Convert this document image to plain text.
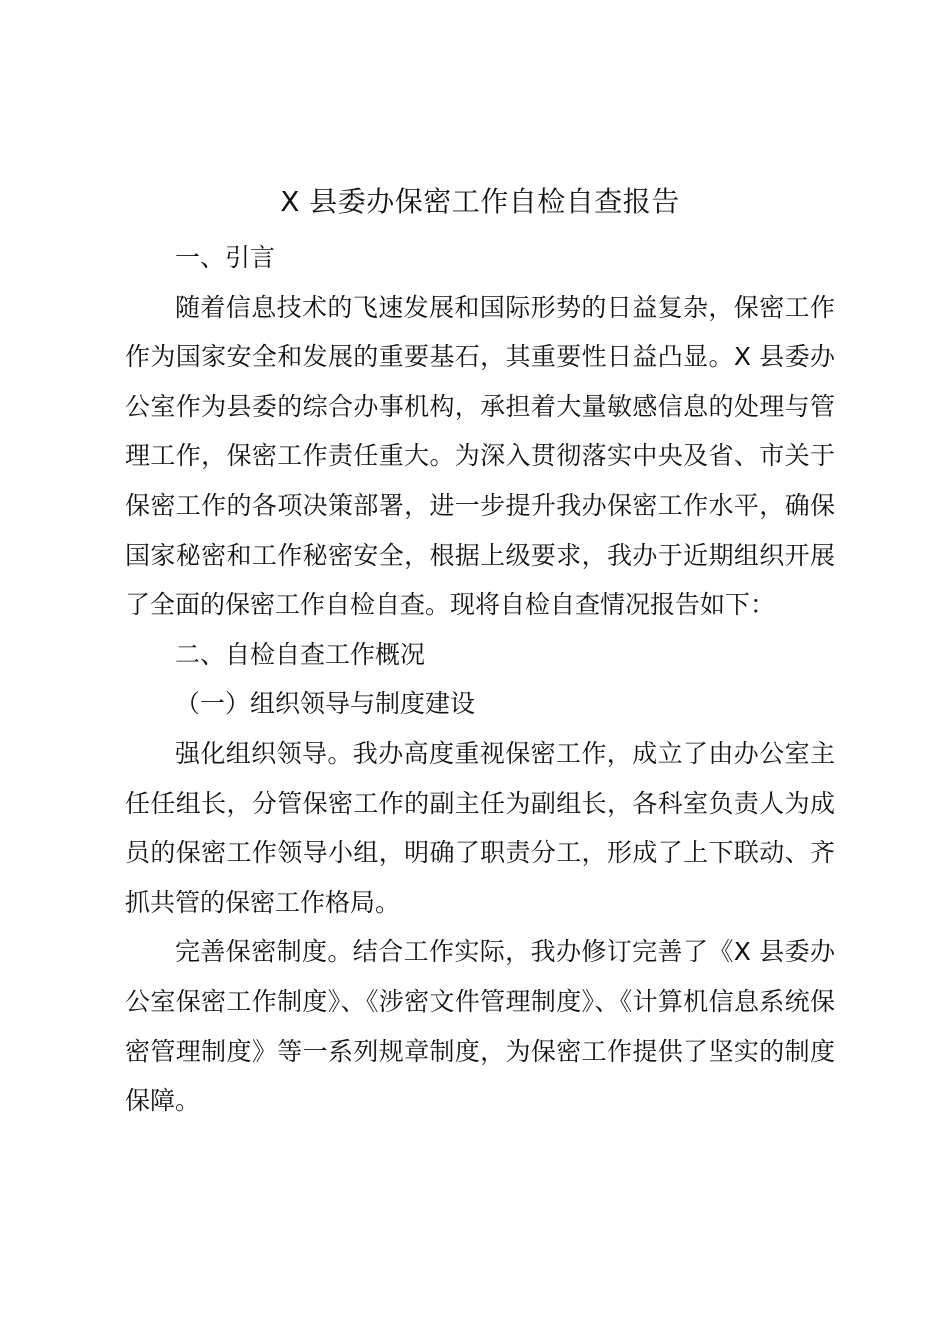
X 县委办保密工作自检自查报告

一、引言

随着信息技术的飞速发展和国际形势的日益复杂，保密工作作为国家安全和发展的重要基石，其重要性日益凸显。X 县委办公室作为县委的综合办事机构，承担着大量敏感信息的处理与管理工作，保密工作责任重大。为深入贯彻落实中央及省、市关于保密工作的各项决策部署，进一步提升我办保密工作水平，确保国家秘密和工作秘密安全，根据上级要求，我办于近期组织开展了全面的保密工作自检自查。现将自检自查情况报告如下：

二、自检自查工作概况

（一）组织领导与制度建设

强化组织领导。我办高度重视保密工作，成立了由办公室主任任组长，分管保密工作的副主任为副组长，各科室负责人为成员的保密工作领导小组，明确了职责分工，形成了上下联动、齐抓共管的保密工作格局。

完善保密制度。结合工作实际，我办修订完善了《X 县委办公室保密工作制度》、《涉密文件管理制度》、《计算机信息系统保密管理制度》等一系列规章制度，为保密工作提供了坚实的制度保障。
